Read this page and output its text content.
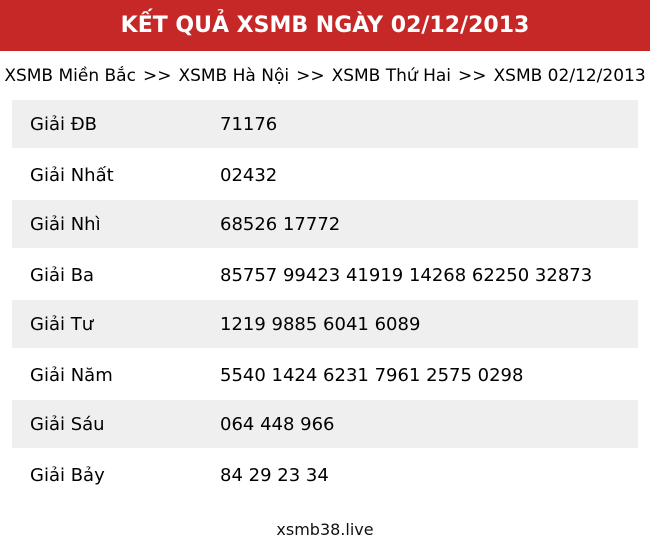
KẾT QUẢ XSMB NGÀY 02/12/2013
XSMB Miền Bắc >> XSMB Hà Nội >> XSMB Thứ Hai >> XSMB 02/12/2013
Giải ĐB	71176
Giải Nhất	02432
Giải Nhì	68526 17772
Giải Ba	85757 99423 41919 14268 62250 32873
Giải Tư	1219 9885 6041 6089
Giải Năm	5540 1424 6231 7961 2575 0298
Giải Sáu	064 448 966
Giải Bảy	84 29 23 34
xsmb38.live
